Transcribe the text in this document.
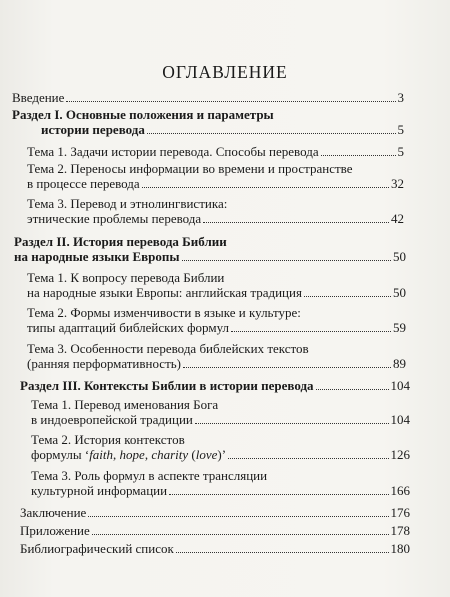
ОГЛАВЛЕНИЕ
Введение	3
Раздел I. Основные положения и параметры
истории перевода	5
Тема 1. Задачи истории перевода. Способы перевода	5
Тема 2. Переносы информации во времени и пространстве
в процессе перевода	32
Тема 3. Перевод и этнолингвистика:
этнические проблемы перевода	42
Раздел II. История перевода Библии
на народные языки Европы	50
Тема 1. К вопросу перевода Библии
на народные языки Европы: английская традиция	50
Тема 2. Формы изменчивости в языке и культуре:
типы адаптаций библейских формул	59
Тема 3. Особенности перевода библейских текстов
(ранняя перформативность)	89
Раздел III. Контексты Библии в истории перевода	104
Тема 1. Перевод именования Бога
в индоевропейской традиции	104
Тема 2. История контекстов
формулы ‘faith, hope, charity (love)’	126
Тема 3. Роль формул в аспекте трансляции
культурной информации	166
Заключение	176
Приложение	178
Библиографический список	180
